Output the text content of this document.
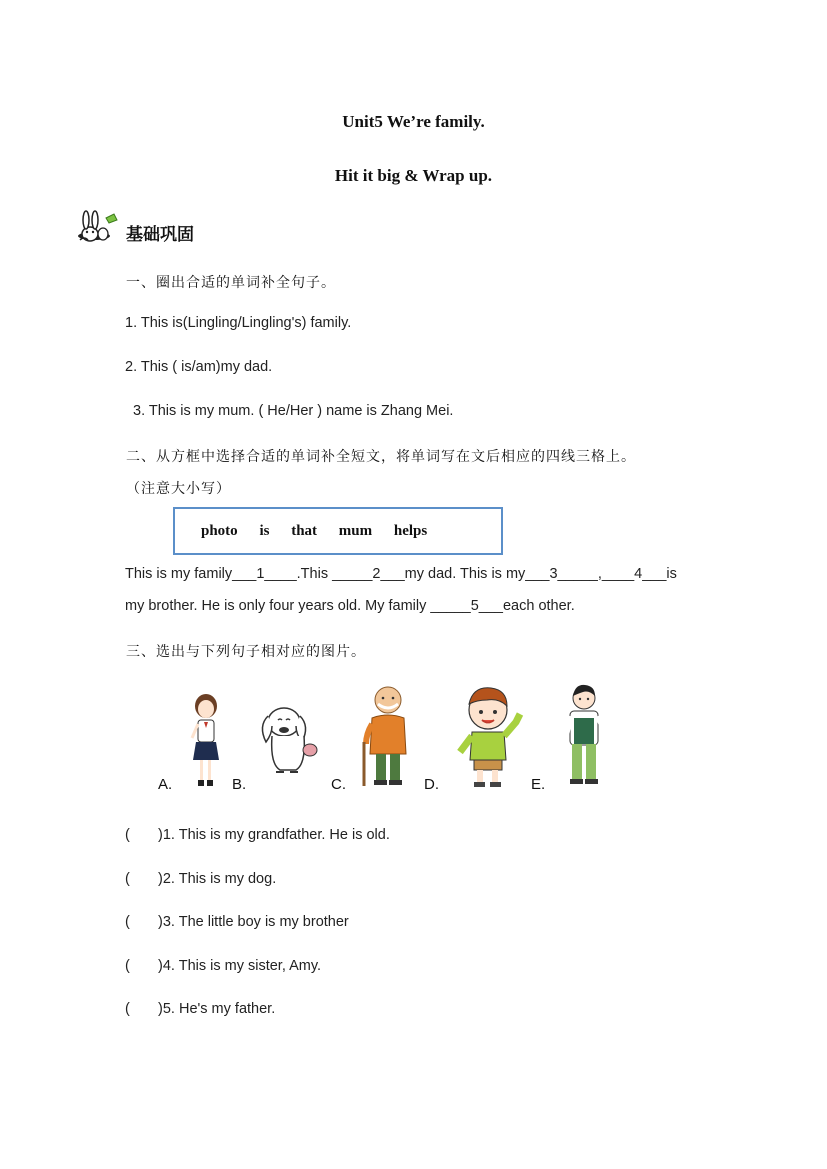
Unit5 We’re family.
Hit it big & Wrap up.
基础巩固
一、圈出合适的单词补全句子。
1. This is(Lingling/Lingling's) family.
2. This ( is/am)my dad.
3. This is my mum. ( He/Her ) name is Zhang Mei.
二、从方框中选择合适的单词补全短文，将单词写在文后相应的四线三格上。
（注意大小写）
photo is that mum helps
This is my family___1____.This _____2___my dad. This is my___3_____,____4___is
my brother. He is only four years old. My family _____5___each other.
三、选出与下列句子相对应的图片。
A.	B.	C.	D.	E.
(       )1. This is my grandfather. He is old.
(       )2. This is my dog.
(       )3. The little boy is my brother
(       )4. This is my sister, Amy.
(       )5. He's my father.
